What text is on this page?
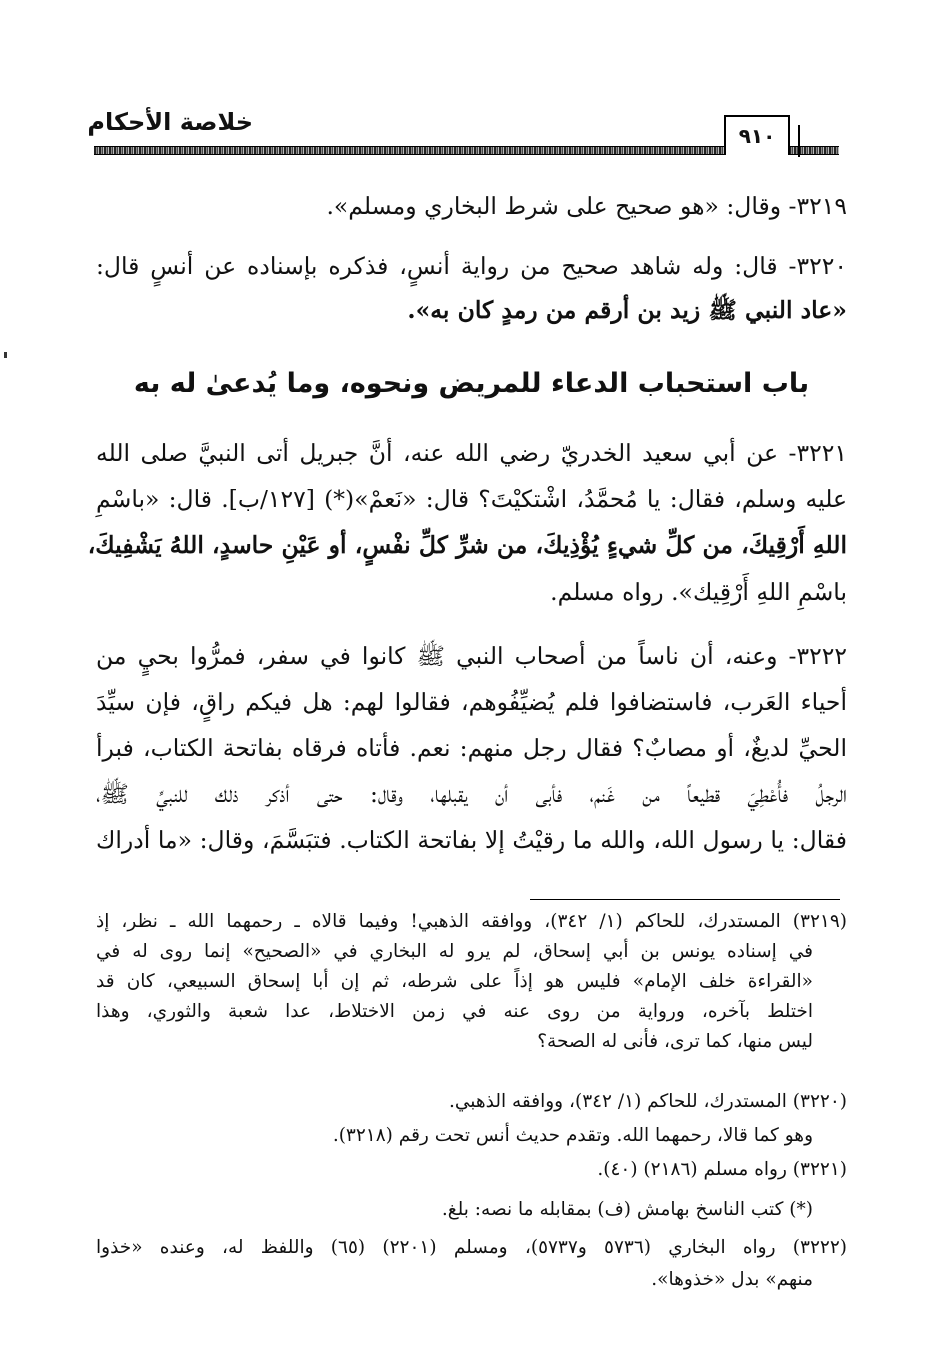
خلاصة الأحكام	٩١٠
٣٢١٩- وقال: «هو صحيح على شرط البخاري ومسلم».
٣٢٢٠- قال: وله شاهد صحيح من رواية أنسٍ، فذكره بإسناده عن أنسٍ قال:
«عاد النبي ﷺ زيد بن أرقم من رمدٍ كان به».
باب استحباب الدعاء للمريض ونحوه، وما يُدعىٰ له به
٣٢٢١- عن أبي سعيد الخدريّ رضي الله عنه، أنَّ جبريل أتى النبيَّ صلى الله
عليه وسلم، فقال: يا مُحمَّدُ، اشْتكيْتَ؟ قال: «نَعمْ»(*) [١٢٧/ب]. قال: «باسْمِ
اللهِ أَرْقِيكَ، من كلِّ شيءٍ يُؤْذِيكَ، من شرِّ كلِّ نفْسٍ، أو عَيْنِ حاسدٍ، اللهُ يَشْفِيكَ،
باسْمِ اللهِ أَرْقِيك». رواه مسلم.
٣٢٢٢- وعنه، أن ناساً من أصحاب النبي ﷺ كانوا في سفر، فمرُّوا بحيٍ من
أحياء العَرب، فاستضافوا فلم يُضيِّفُوهم، فقالوا لهم: هل فيكم راقٍ، فإن سيِّدَ
الحيِّ لديغٌ، أو مصابٌ؟ فقال رجل منهم: نعم. فأتاه فرقاه بفاتحة الكتاب، فبرأ
الرجلُ فأُعْطِيَ قطيعاً من غَنم، فأبى أن يقبلها، وقال: حتى أذكر ذلك للنبيِّ ﷺ،
فقال: يا رسول الله، والله ما رقيْتُ إلا بفاتحة الكتاب. فتبَسَّمَ، وقال: «ما أدراك
(٣٢١٩) المستدرك، للحاكم (١/ ٣٤٢)، ووافقه الذهبي! وفيما قالاه ـ رحمهما الله ـ نظر، إذ
في إسناده يونس بن أبي إسحاق، لم يرو له البخاري في «الصحيح» إنما روى له في
«القراءة خلف الإمام» فليس هو إذاً على شرطه، ثم إن أبا إسحاق السبيعي، كان قد
اختلط بآخره، ورواية من روى عنه في زمن الاختلاط، عدا شعبة والثوري، وهذا
ليس منها، كما ترى، فأنى له الصحة؟
(٣٢٢٠) المستدرك، للحاكم (١/ ٣٤٢)، ووافقه الذهبي.
وهو كما قالا، رحمهما الله. وتقدم حديث أنس تحت رقم (٣٢١٨).
(٣٢٢١) رواه مسلم (٢١٨٦) (٤٠).
(*) كتب الناسخ بهامش (ف) بمقابله ما نصه: بلغ.
(٣٢٢٢) رواه البخاري (٥٧٣٦ و٥٧٣٧)، ومسلم (٢٢٠١) (٦٥) واللفظ له، وعنده «خذوا
منهم» بدل «خذوها».
